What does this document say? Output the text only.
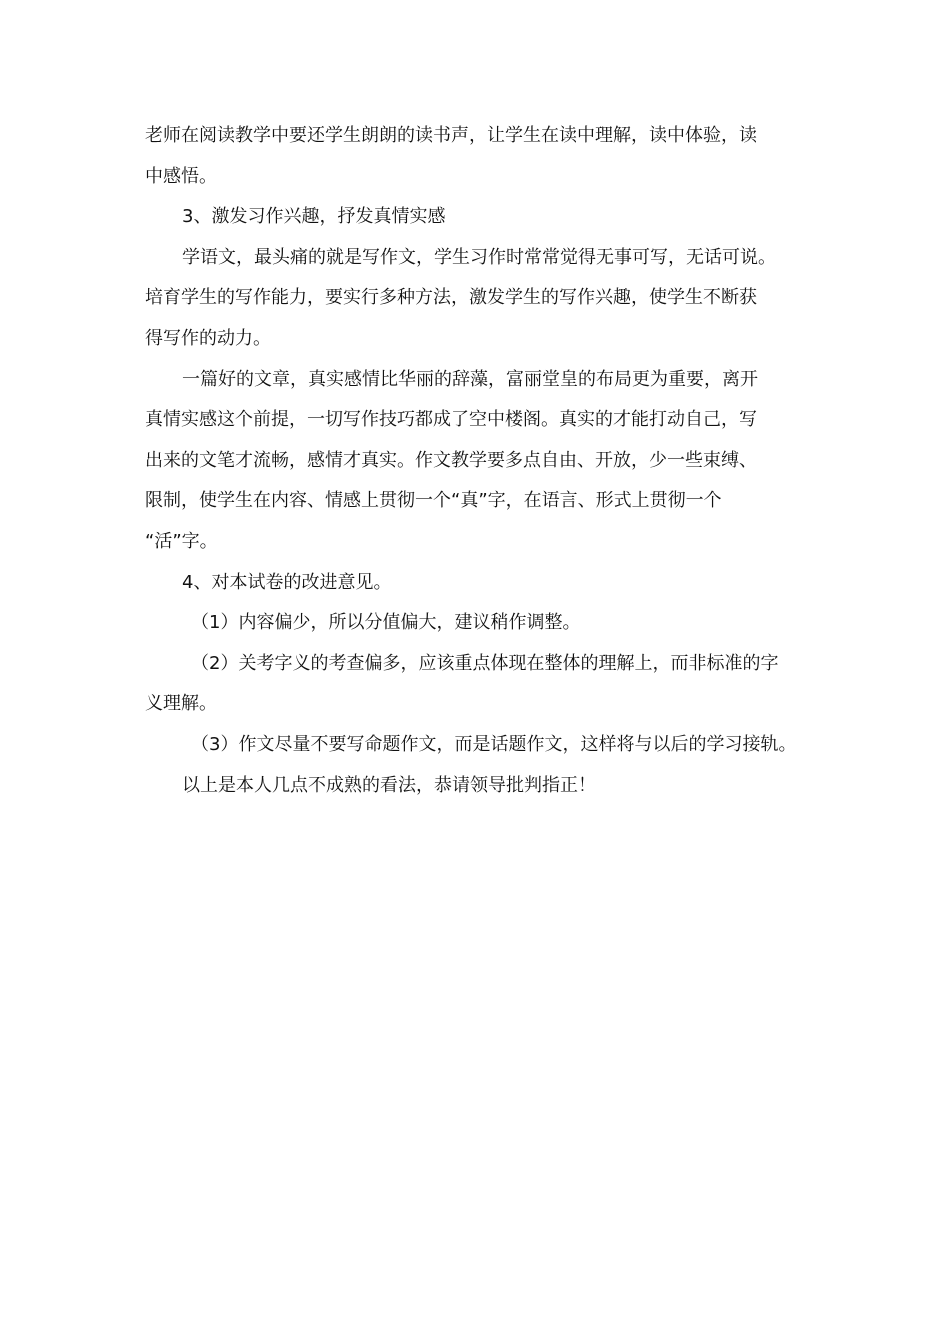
老师在阅读教学中要还学生朗朗的读书声，让学生在读中理解，读中体验，读
中感悟。
3、激发习作兴趣，抒发真情实感
学语文，最头痛的就是写作文，学生习作时常常觉得无事可写，无话可说。
培育学生的写作能力，要实行多种方法，激发学生的写作兴趣，使学生不断获
得写作的动力。
一篇好的文章，真实感情比华丽的辞藻，富丽堂皇的布局更为重要，离开
真情实感这个前提，一切写作技巧都成了空中楼阁。真实的才能打动自己，写
出来的文笔才流畅，感情才真实。作文教学要多点自由、开放，少一些束缚、
限制，使学生在内容、情感上贯彻一个“真”字，在语言、形式上贯彻一个
“活”字。
4、对本试卷的改进意见。
（1）内容偏少，所以分值偏大，建议稍作调整。
（2）关考字义的考查偏多，应该重点体现在整体的理解上，而非标准的字
义理解。
（3）作文尽量不要写命题作文，而是话题作文，这样将与以后的学习接轨。
以上是本人几点不成熟的看法，恭请领导批判指正！
